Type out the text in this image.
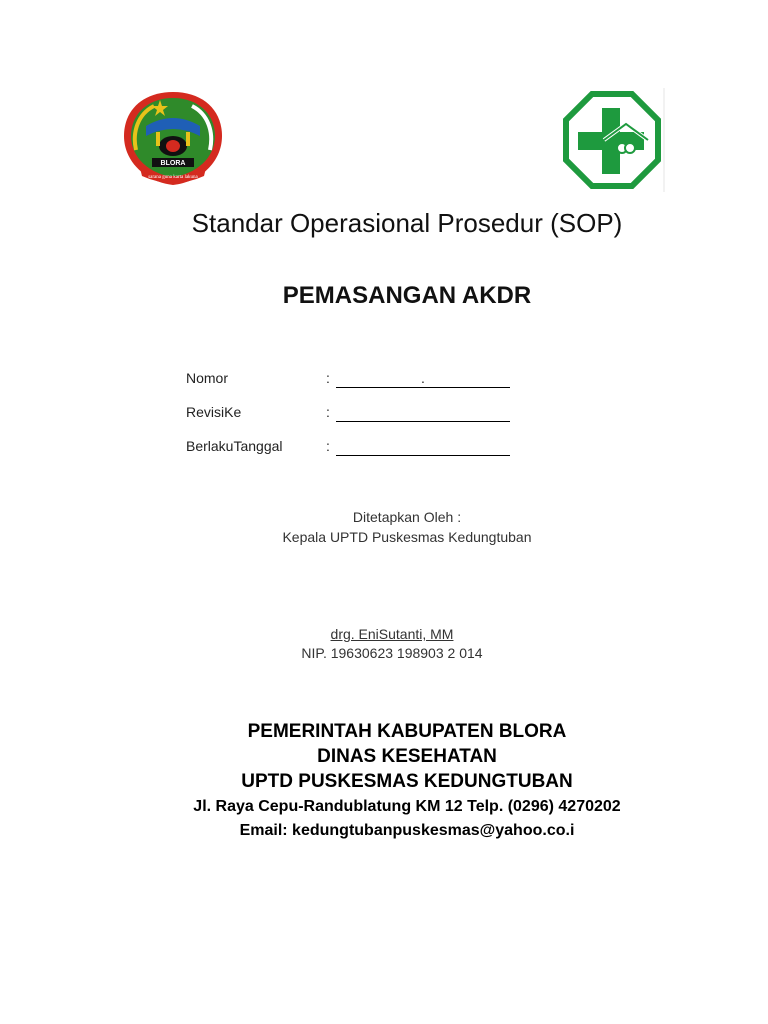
BLORA
sarana guna karta lakuna
Standar Operasional Prosedur (SOP)
PEMASANGAN AKDR
Nomor	:	.
RevisiKe	:
BerlakuTanggal	:
Ditetapkan Oleh :
Kepala UPTD Puskesmas Kedungtuban
drg. EniSutanti, MM
NIP. 19630623 198903 2 014
PEMERINTAH KABUPATEN BLORA
DINAS KESEHATAN
UPTD PUSKESMAS KEDUNGTUBAN
Jl. Raya Cepu-Randublatung KM 12 Telp. (0296) 4270202
Email: kedungtubanpuskesmas@yahoo.co.i
